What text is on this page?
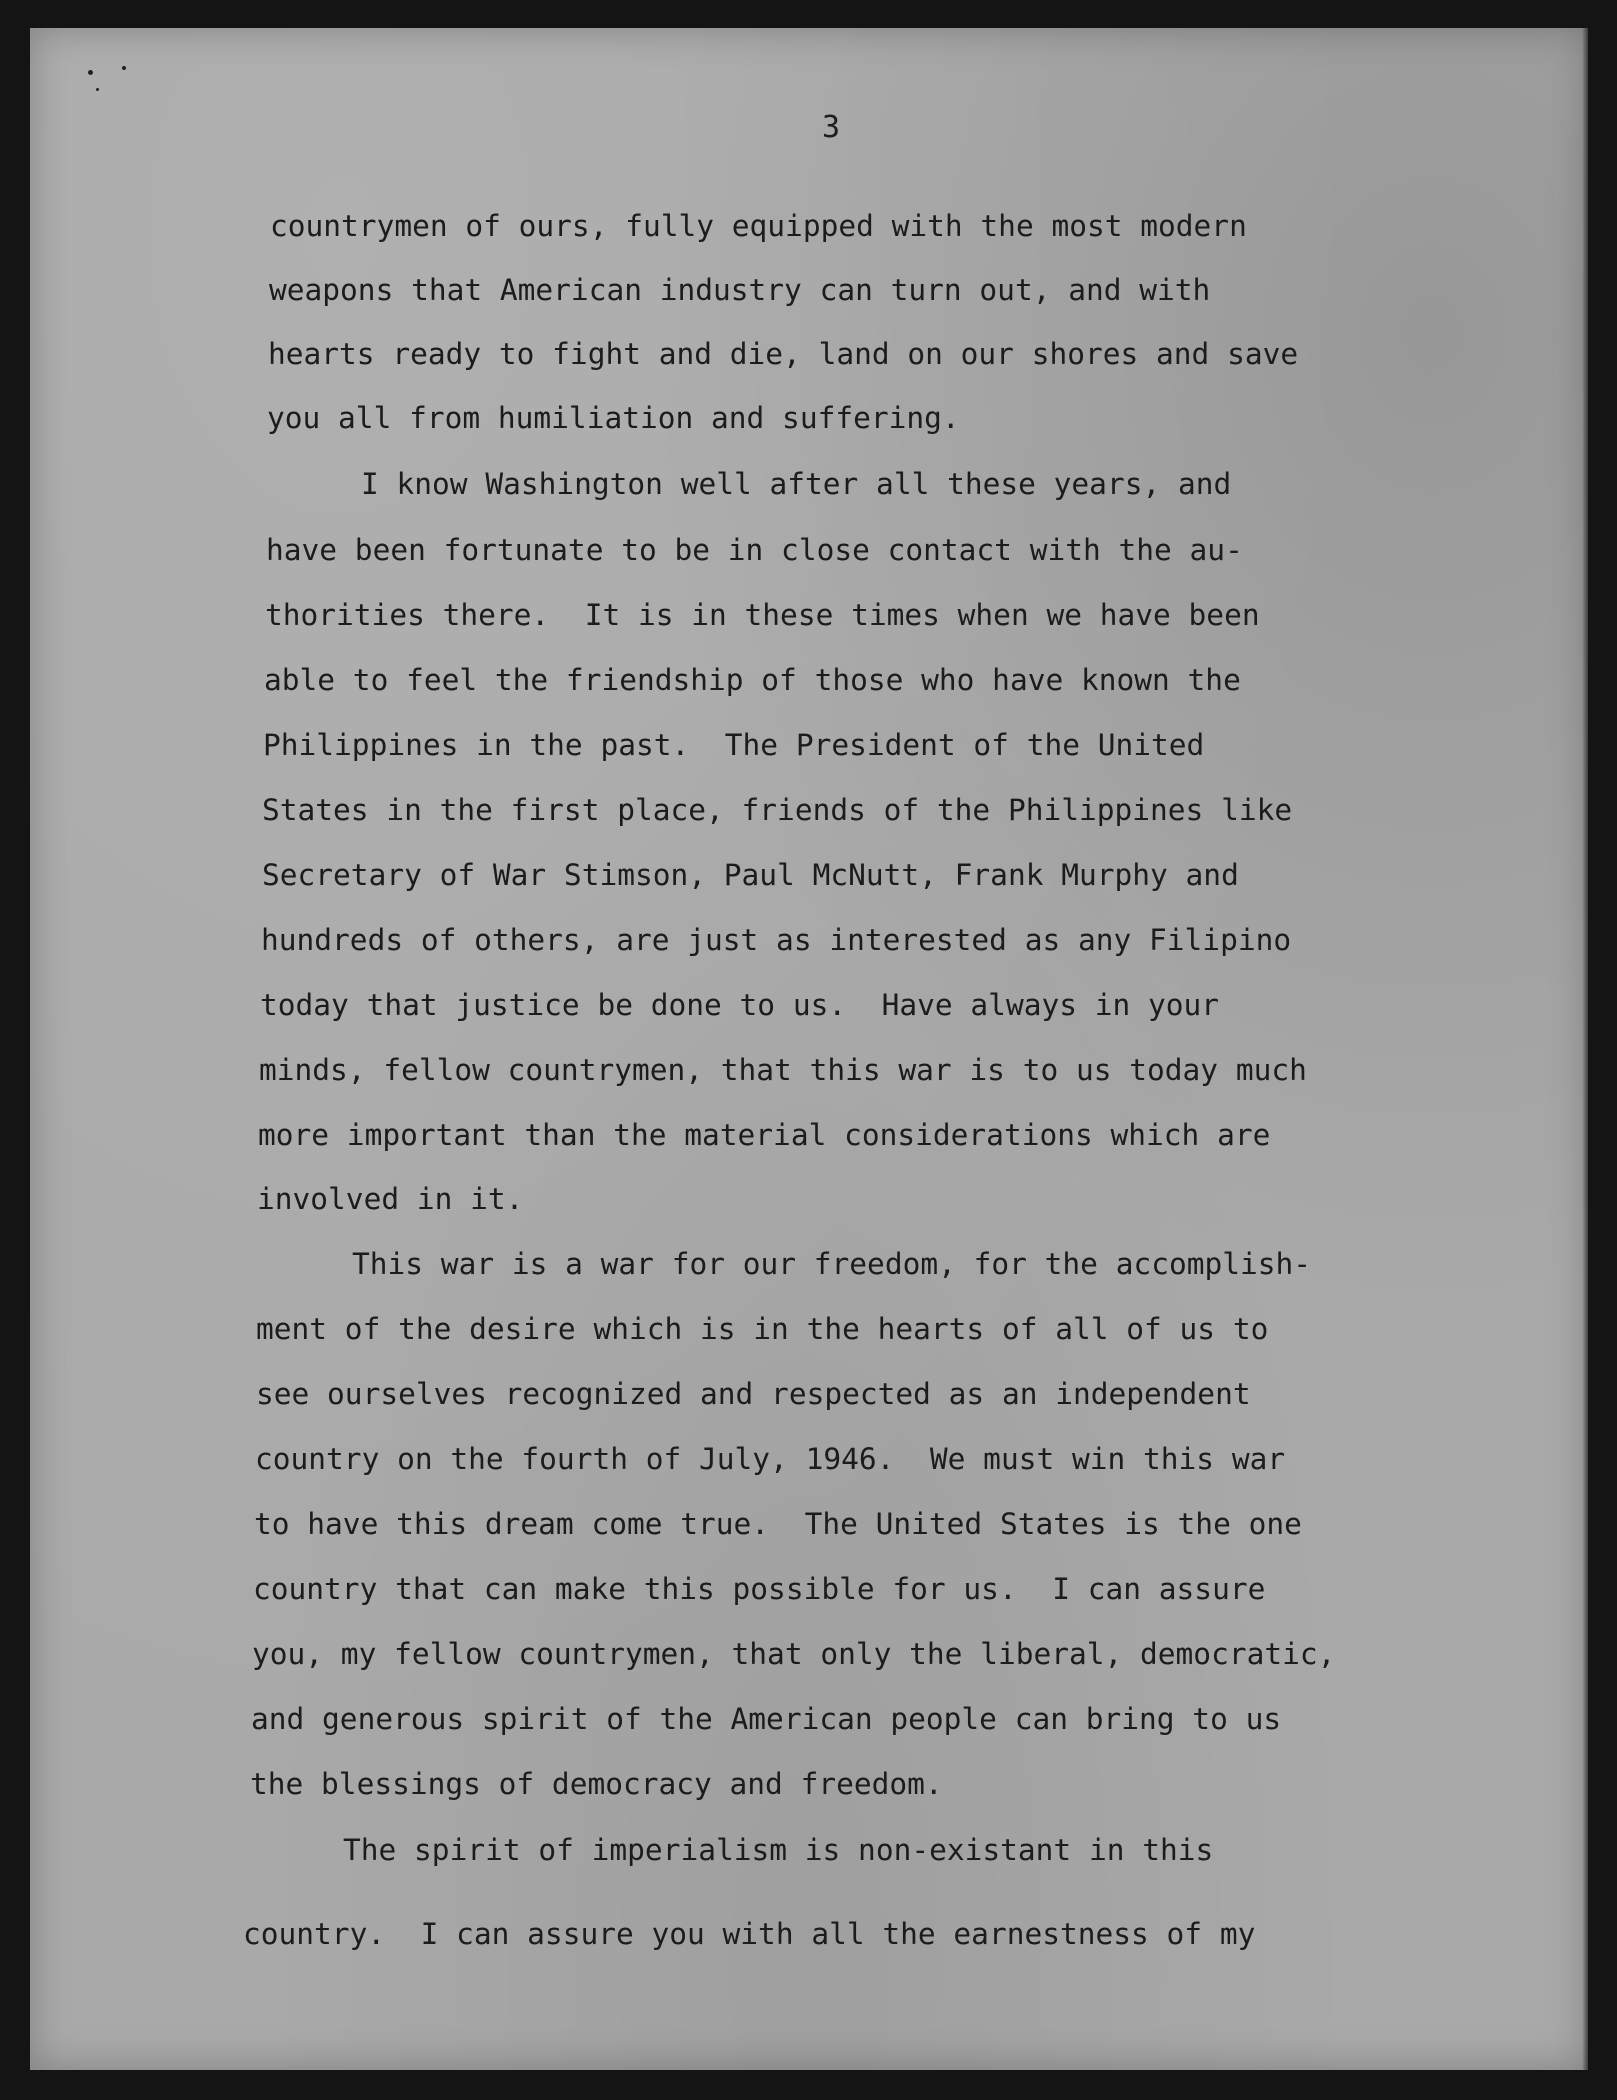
3
countrymen of ours, fully equipped with the most modern
weapons that American industry can turn out, and with
hearts ready to fight and die, land on our shores and save
you all from humiliation and suffering.
I know Washington well after all these years, and
have been fortunate to be in close contact with the au-
thorities there.  It is in these times when we have been
able to feel the friendship of those who have known the
Philippines in the past.  The President of the United
States in the first place, friends of the Philippines like
Secretary of War Stimson, Paul McNutt, Frank Murphy and
hundreds of others, are just as interested as any Filipino
today that justice be done to us.  Have always in your
minds, fellow countrymen, that this war is to us today much
more important than the material considerations which are
involved in it.
This war is a war for our freedom, for the accomplish-
ment of the desire which is in the hearts of all of us to
see ourselves recognized and respected as an independent
country on the fourth of July, 1946.  We must win this war
to have this dream come true.  The United States is the one
country that can make this possible for us.  I can assure
you, my fellow countrymen, that only the liberal, democratic,
and generous spirit of the American people can bring to us
the blessings of democracy and freedom.
The spirit of imperialism is non-existant in this
country.  I can assure you with all the earnestness of my
